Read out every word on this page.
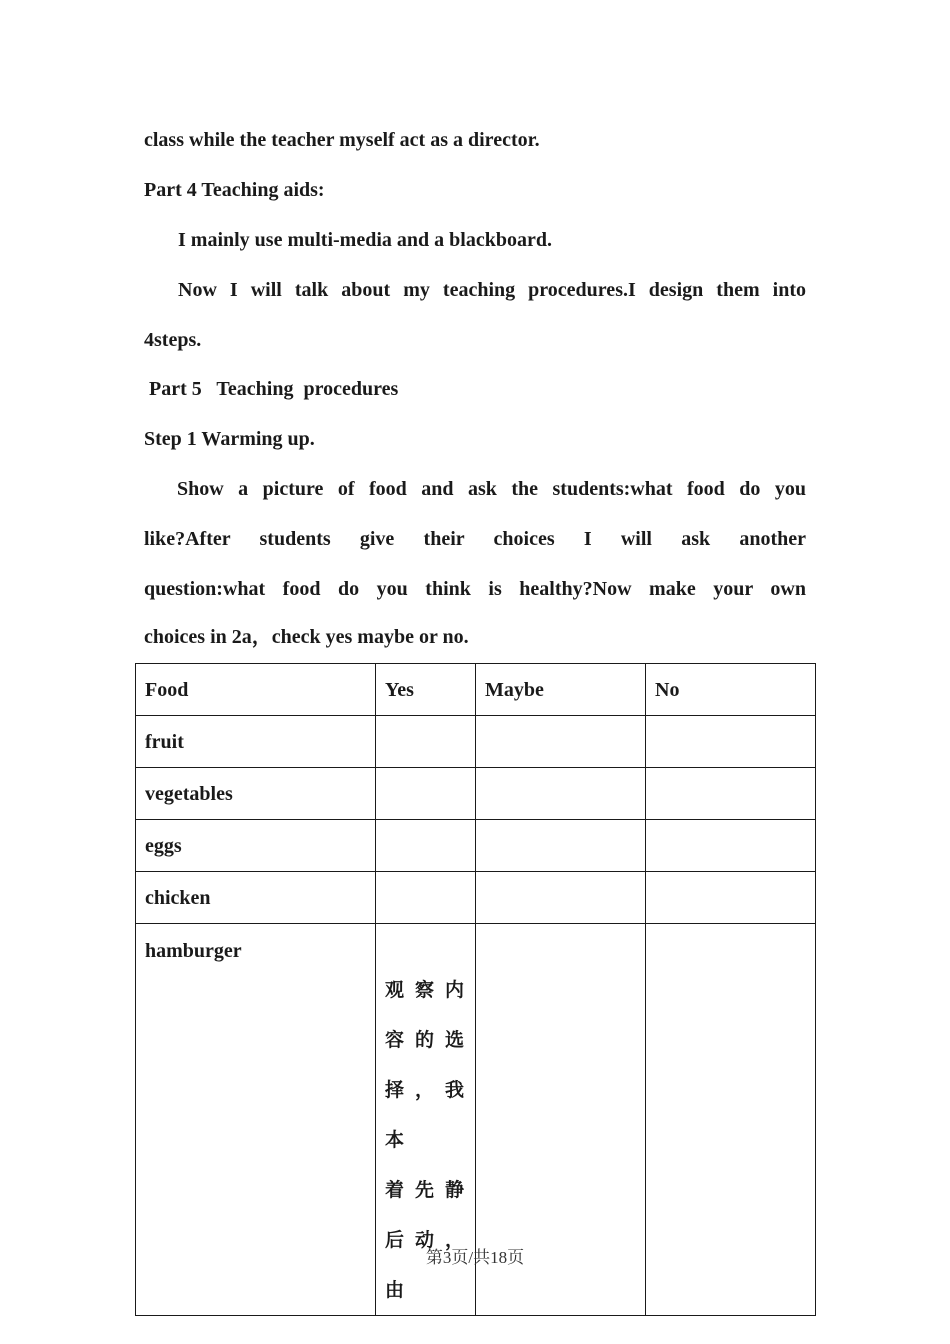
class while the teacher myself act as a director.
Part 4 Teaching aids:
I mainly use multi-media and a blackboard.
Now I will talk about my teaching procedures.I design them into
4steps.
Part 5   Teaching  procedures
Step 1 Warming up.
Show a picture of food and ask the students:what food do you
like?After students give their choices I will ask another
question:what food do you think is healthy?Now make your own
choices in 2a，check yes maybe or no.
Food	Yes	Maybe	No
fruit			
vegetables			
eggs			
chicken			
hamburger	观 察 内
容 的 选
择，我本
着 先 静
后动，由		

第3页/共18页
